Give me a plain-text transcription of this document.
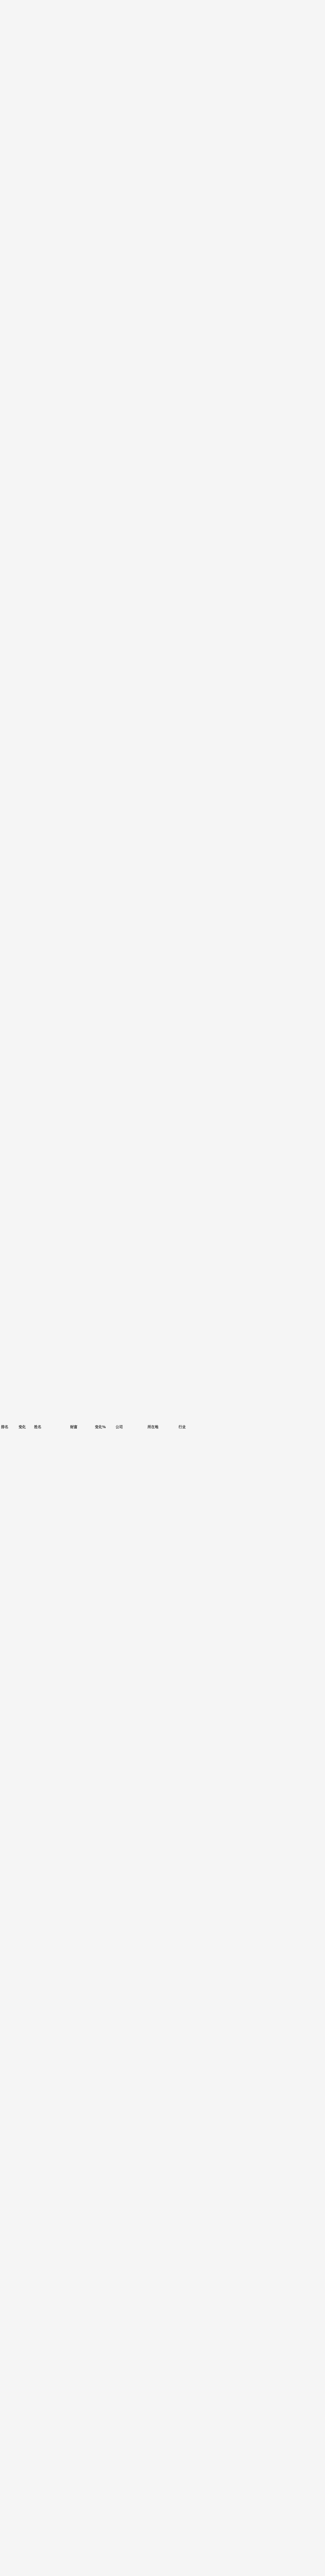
排名	变化	姓名	财富	变化%	公司	所在地	行业
